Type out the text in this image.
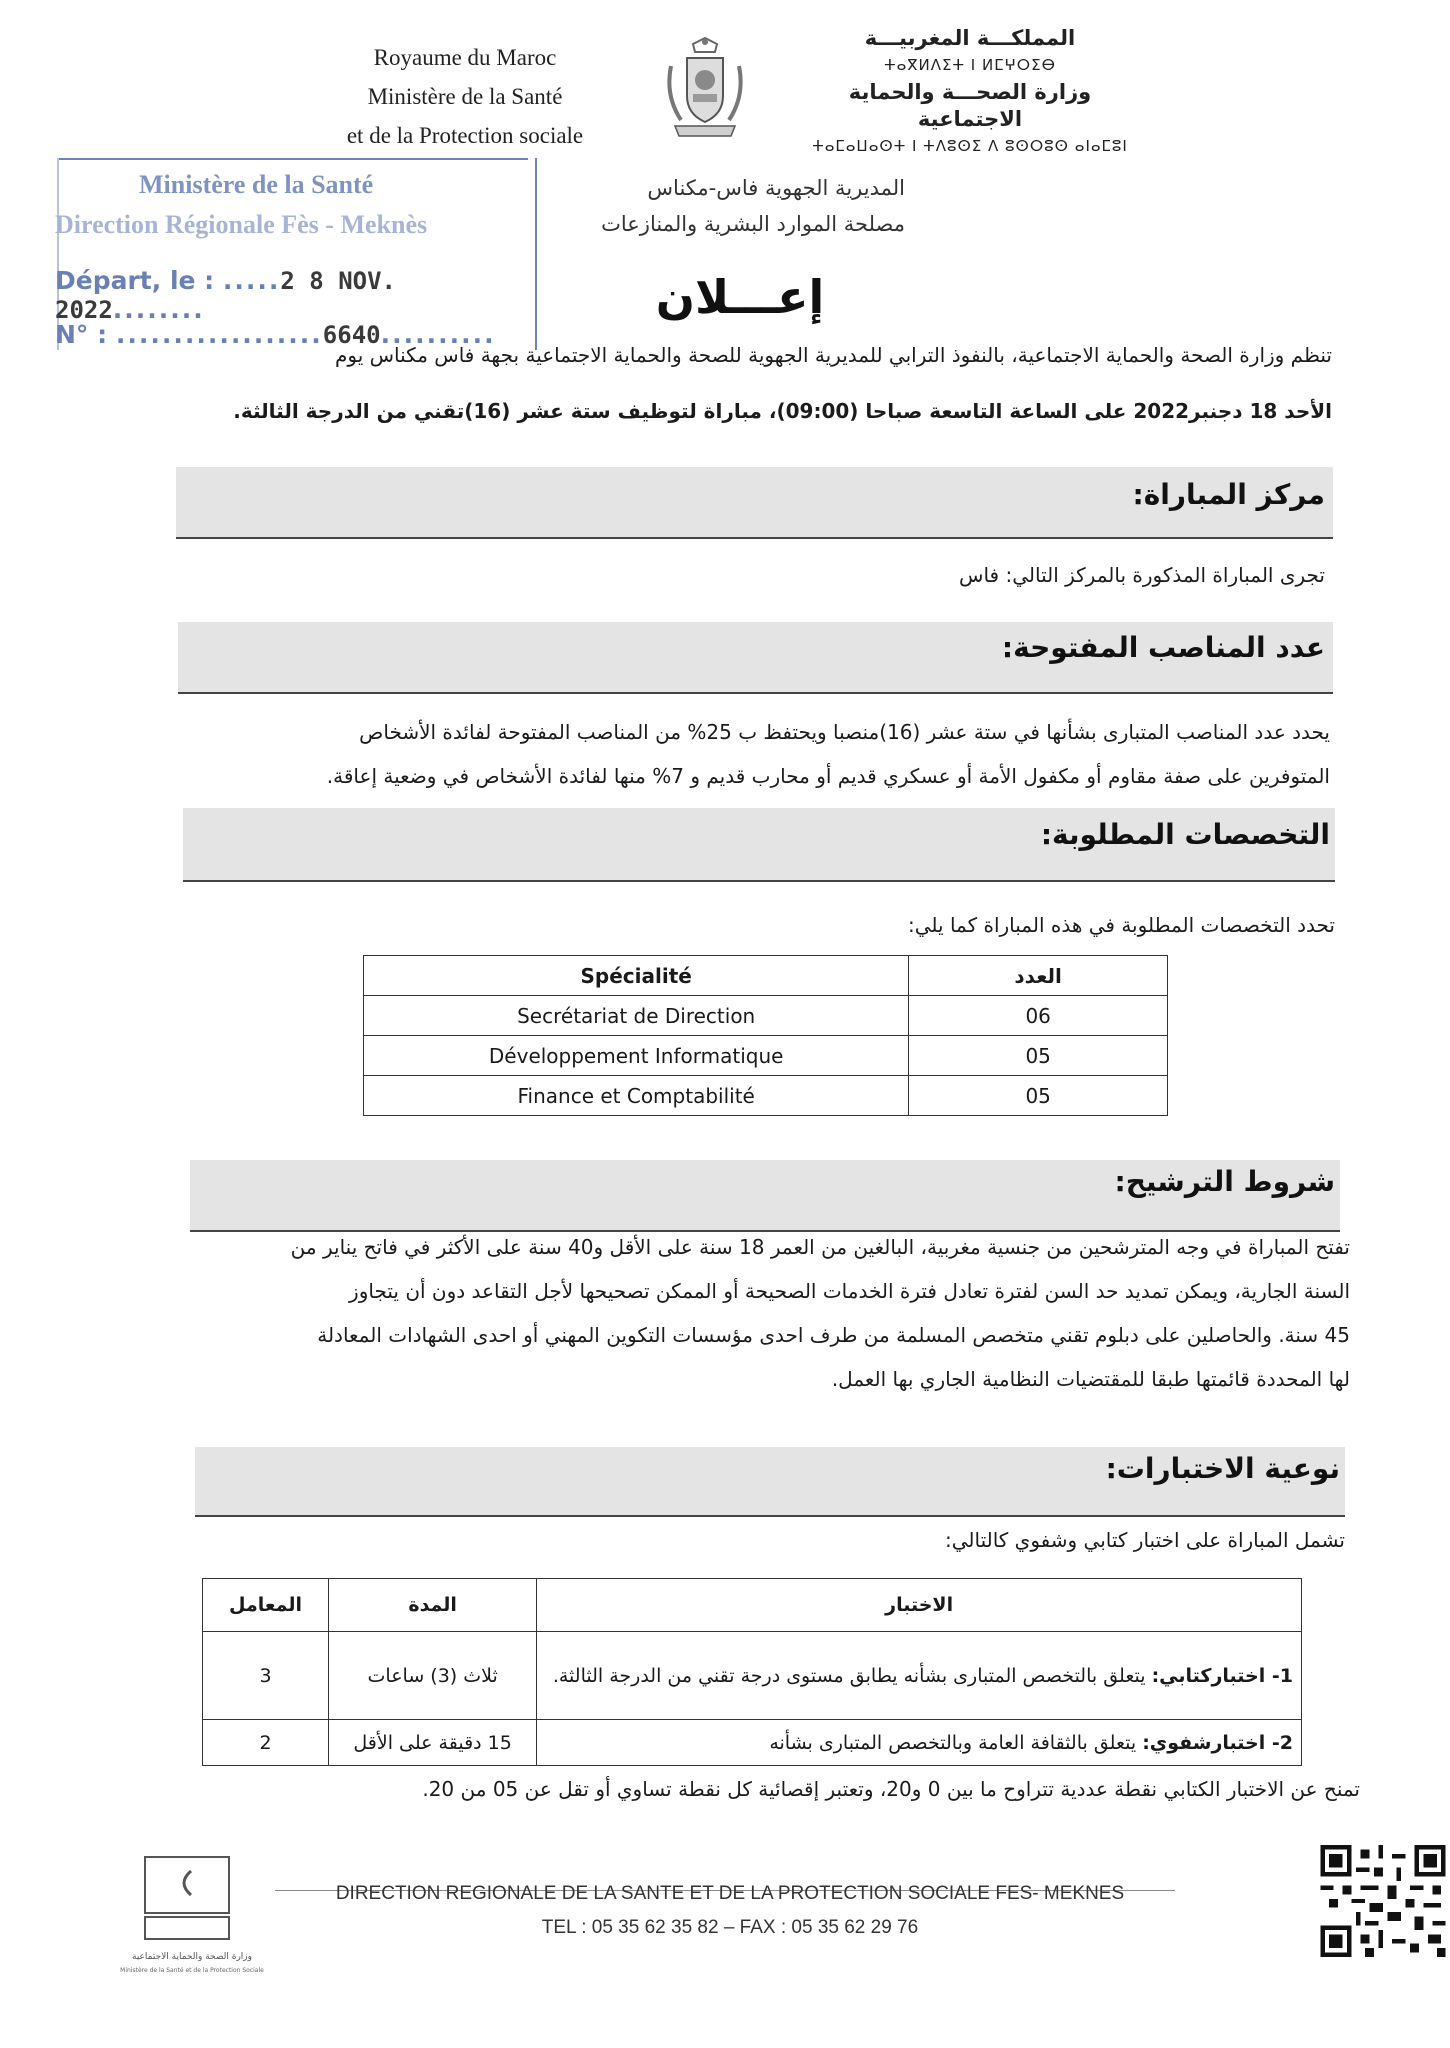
Royaume du Maroc
Ministère de la Santé
et de la Protection sociale
المملكـــة المغربيـــة
ⵜⴰⴳⵍⴷⵉⵜ ⵏ ⵍⵎⵖⵔⵉⴱ
وزارة الصحـــة والحماية الاجتماعية
ⵜⴰⵎⴰⵡⴰⵙⵜ ⵏ ⵜⴷⵓⵙⵉ ⴷ ⵓⵙⵔⵓⵙ ⴰⵏⴰⵎⵓⵏ
Ministère de la Santé
Direction Régionale Fès - Meknès
Départ, le : .....2 8 NOV. 2022........
N° : ..................6640..........
المديرية الجهوية فاس-مكناس
مصلحة الموارد البشرية والمنازعات
إعـــلان
تنظم وزارة الصحة والحماية الاجتماعية، بالنفوذ الترابي للمديرية الجهوية للصحة والحماية الاجتماعية بجهة فاس مكناس يوم
الأحد 18 دجنبر2022 على الساعة التاسعة صباحا (09:00)، مباراة لتوظيف ستة عشر (16)تقني من الدرجة الثالثة.
مركز المباراة:
تجرى المباراة المذكورة بالمركز التالي: فاس
عدد المناصب المفتوحة:
يحدد عدد المناصب المتبارى بشأنها في ستة عشر (16)منصبا ويحتفظ ب 25% من المناصب المفتوحة لفائدة الأشخاص
المتوفرين على صفة مقاوم أو مكفول الأمة أو عسكري قديم أو محارب قديم و 7% منها لفائدة الأشخاص في وضعية إعاقة.
التخصصات المطلوبة:
تحدد التخصصات المطلوبة في هذه المباراة كما يلي:
Spécialité	العدد
Secrétariat de Direction	06
Développement Informatique	05
Finance et Comptabilité	05
شروط الترشيح:
تفتح المباراة في وجه المترشحين من جنسية مغربية، البالغين من العمر 18 سنة على الأقل و40 سنة على الأكثر في فاتح يناير من
السنة الجارية، ويمكن تمديد حد السن لفترة تعادل فترة الخدمات الصحيحة أو الممكن تصحيحها لأجل التقاعد دون أن يتجاوز
45 سنة. والحاصلين على دبلوم تقني متخصص المسلمة من طرف احدى مؤسسات التكوين المهني أو احدى الشهادات المعادلة
لها المحددة قائمتها طبقا للمقتضيات النظامية الجاري بها العمل.
نوعية الاختبارات:
تشمل المباراة على اختبار كتابي وشفوي كالتالي:
الاختبار	المدة	المعامل
1- اختباركتابي: يتعلق بالتخصص المتبارى بشأنه يطابق مستوى درجة تقني من الدرجة الثالثة.	ثلاث (3) ساعات	3
2- اختبارشفوي: يتعلق بالثقافة العامة وبالتخصص المتبارى بشأنه	15 دقيقة على الأقل	2
تمنح عن الاختبار الكتابي نقطة عددية تتراوح ما بين 0 و20، وتعتبر إقصائية كل نقطة تساوي أو تقل عن 05 من 20.
DIRECTION REGIONALE DE LA SANTE ET DE LA PROTECTION SOCIALE FES- MEKNES
TEL : 05 35 62 35 82 – FAX : 05 35 62 29 76
وزارة الصحة والحماية الاجتماعية
Ministère de la Santé et de la Protection Sociale
